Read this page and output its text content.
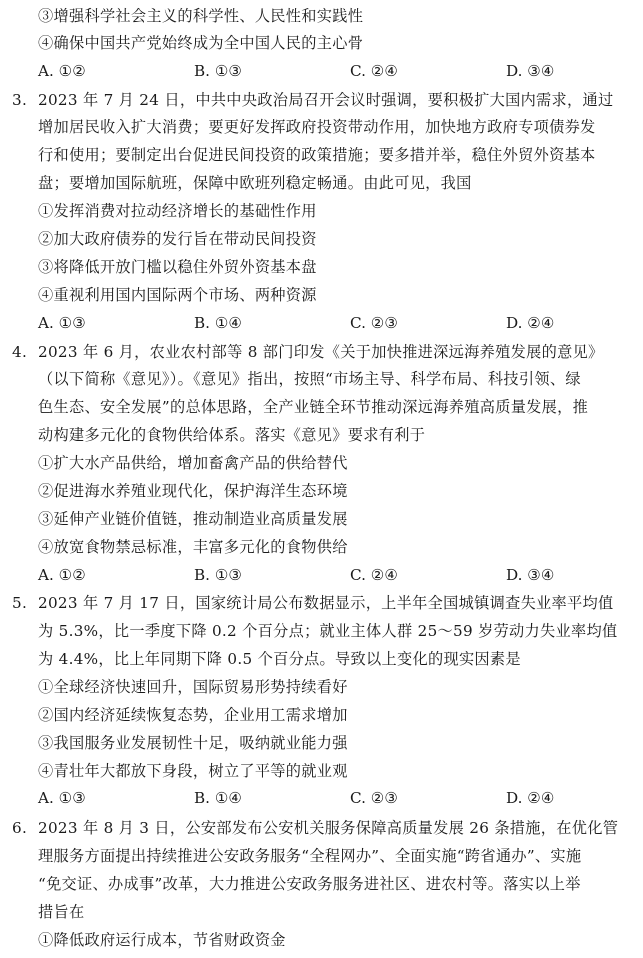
③增强科学社会主义的科学性、人民性和实践性
④确保中国共产党始终成为全中国人民的主心骨
A. ①②	B. ①③	C. ②④	D. ③④
3. 2023 年 7 月 24 日，中共中央政治局召开会议时强调，要积极扩大国内需求，通过
增加居民收入扩大消费；要更好发挥政府投资带动作用，加快地方政府专项债券发
行和使用；要制定出台促进民间投资的政策措施；要多措并举，稳住外贸外资基本
盘；要增加国际航班，保障中欧班列稳定畅通。由此可见，我国
①发挥消费对拉动经济增长的基础性作用
②加大政府债券的发行旨在带动民间投资
③将降低开放门槛以稳住外贸外资基本盘
④重视利用国内国际两个市场、两种资源
A. ①③	B. ①④	C. ②③	D. ②④
4. 2023 年 6 月，农业农村部等 8 部门印发《关于加快推进深远海养殖发展的意见》
（以下简称《意见》）。《意见》指出，按照“市场主导、科学布局、科技引领、绿
色生态、安全发展”的总体思路，全产业链全环节推动深远海养殖高质量发展，推
动构建多元化的食物供给体系。落实《意见》要求有利于
①扩大水产品供给，增加畜禽产品的供给替代
②促进海水养殖业现代化，保护海洋生态环境
③延伸产业链价值链，推动制造业高质量发展
④放宽食物禁忌标准，丰富多元化的食物供给
A. ①②	B. ①③	C. ②④	D. ③④
5. 2023 年 7 月 17 日，国家统计局公布数据显示，上半年全国城镇调查失业率平均值
为 5.3%，比一季度下降 0.2 个百分点；就业主体人群 25～59 岁劳动力失业率均值
为 4.4%，比上年同期下降 0.5 个百分点。导致以上变化的现实因素是
①全球经济快速回升，国际贸易形势持续看好
②国内经济延续恢复态势，企业用工需求增加
③我国服务业发展韧性十足，吸纳就业能力强
④青壮年大都放下身段，树立了平等的就业观
A. ①③	B. ①④	C. ②③	D. ②④
6. 2023 年 8 月 3 日，公安部发布公安机关服务保障高质量发展 26 条措施，在优化管
理服务方面提出持续推进公安政务服务“全程网办”、全面实施“跨省通办”、实施
“免交证、办成事”改革，大力推进公安政务服务进社区、进农村等。落实以上举
措旨在
①降低政府运行成本，节省财政资金
